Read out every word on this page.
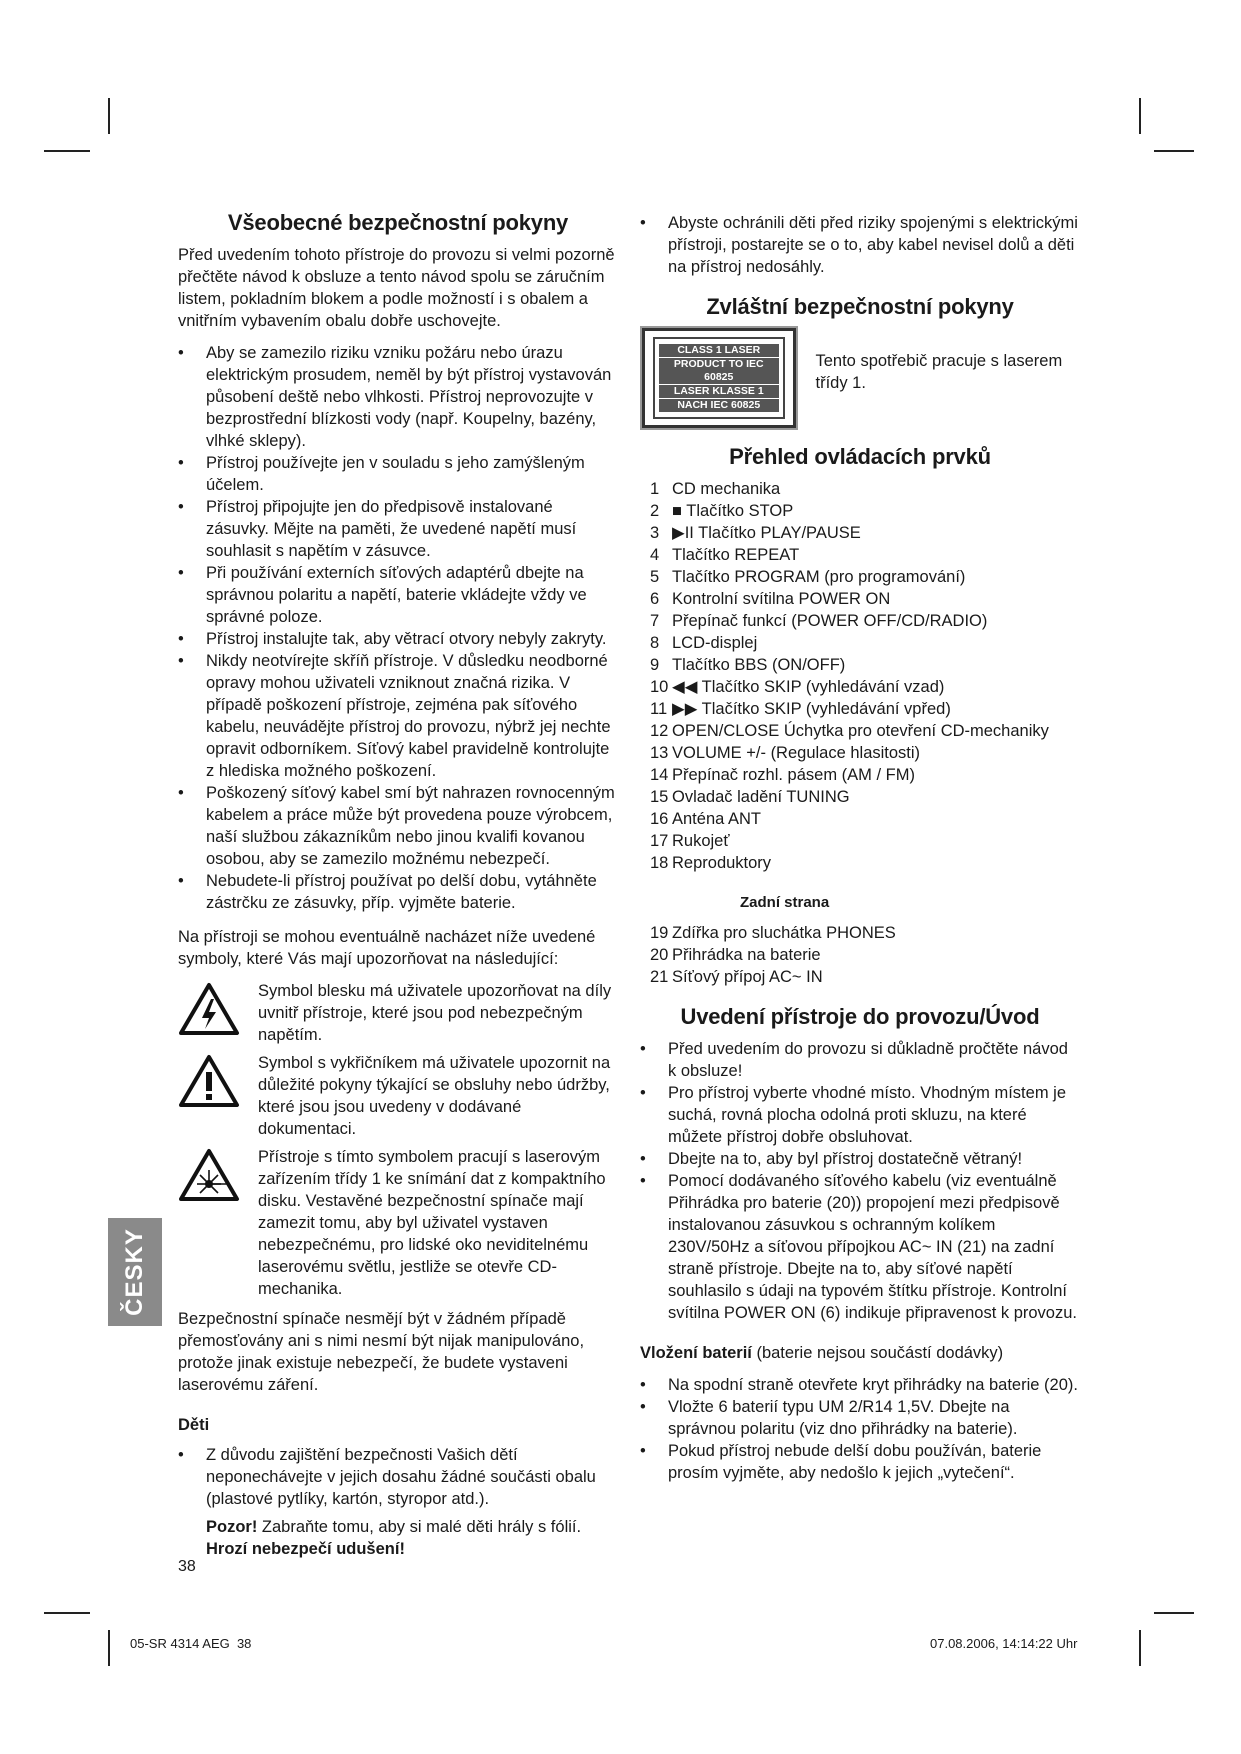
Všeobecné bezpečnostní pokyny

Před uvedením tohoto přístroje do provozu si velmi pozorně přečtěte návod k obsluze a tento návod spolu se záručním listem, pokladním blokem a podle možností i s obalem a vnitřním vybavením obalu dobře uschovejte.

• Aby se zamezilo riziku vzniku požáru nebo úrazu elektrickým prosudem, neměl by být přístroj vystavován působení deště nebo vlhkosti. Přístroj neprovozujte v bezprostřední blízkosti vody (např. Koupelny, bazény, vlhké sklepy).
• Přístroj používejte jen v souladu s jeho zamýšleným účelem.
• Přístroj připojujte jen do předpisově instalované zásuvky. Mějte na paměti, že uvedené napětí musí souhlasit s napětím v zásuvce.
• Při používání externích síťových adaptérů dbejte na správnou polaritu a napětí, baterie vkládejte vždy ve správné poloze.
• Přístroj instalujte tak, aby větrací otvory nebyly zakryty.
• Nikdy neotvírejte skříň přístroje. V důsledku neodborné opravy mohou uživateli vzniknout značná rizika. V případě poškození přístroje, zejména pak síťového kabelu, neuvádějte přístroj do provozu, nýbrž jej nechte opravit odborníkem. Síťový kabel pravidelně kontrolujte z hlediska možného poškození.
• Poškozený síťový kabel smí být nahrazen rovnocenným kabelem a práce může být provedena pouze výrobcem, naší službou zákazníkům nebo jinou kvalifi kovanou osobou, aby se zamezilo možnému nebezpečí.
• Nebudete-li přístroj používat po delší dobu, vytáhněte zástrčku ze zásuvky, příp. vyjměte baterie.

Na přístroji se mohou eventuálně nacházet níže uvedené symboly, které Vás mají upozorňovat na následující:

Symbol blesku má uživatele upozorňovat na díly uvnitř přístroje, které jsou pod nebezpečným napětím.
Symbol s vykřičníkem má uživatele upozornit na důležité pokyny týkající se obsluhy nebo údržby, které jsou jsou uvedeny v dodávané dokumentaci.
Přístroje s tímto symbolem pracují s laserovým zařízením třídy 1 ke snímání dat z kompaktního disku. Vestavěné bezpečnostní spínače mají zamezit tomu, aby byl uživatel vystaven nebezpečnému, pro lidské oko neviditelnému laserovému světlu, jestliže se otevře CD-mechanika.

Bezpečnostní spínače nesmějí být v žádném případě přemosťovány ani s nimi nesmí být nijak manipulováno, protože jinak existuje nebezpečí, že budete vystaveni laserovému záření.

Děti
• Z důvodu zajištění bezpečnosti Vašich dětí neponechávejte v jejich dosahu žádné součásti obalu (plastové pytlíky, kartón, styropor atd.).

Pozor! Zabraňte tomu, aby si malé děti hrály s fólií. Hrozí nebezpečí udušení!

• Abyste ochránili děti před riziky spojenými s elektrickými přístroji, postarejte se o to, aby kabel nevisel dolů a děti na přístroj nedosáhly.
Zvláštní bezpečnostní pokyny
CLASS 1 LASER
PRODUCT TO IEC 60825
LASER KLASSE 1
NACH IEC 60825
Tento spotřebič pracuje s laserem třídy 1.
Přehled ovládacích prvků
1 CD mechanika
2 ■ Tlačítko STOP
3 ▶II Tlačítko PLAY/PAUSE
4 Tlačítko REPEAT
5 Tlačítko PROGRAM (pro programování)
6 Kontrolní svítilna POWER ON
7 Přepínač funkcí (POWER OFF/CD/RADIO)
8 LCD-displej
9 Tlačítko BBS (ON/OFF)
10 ◀◀ Tlačítko SKIP (vyhledávání vzad)
11 ▶▶ Tlačítko SKIP (vyhledávání vpřed)
12 OPEN/CLOSE Úchytka pro otevření CD-mechaniky
13 VOLUME +/- (Regulace hlasitosti)
14 Přepínač rozhl. pásem (AM / FM)
15 Ovladač ladění TUNING
16 Anténa ANT
17 Rukojeť
18 Reproduktory
Zadní strana
19 Zdířka pro sluchátka PHONES
20 Přihrádka na baterie
21 Síťový přípoj AC~ IN
Uvedení přístroje do provozu/Úvod
• Před uvedením do provozu si důkladně pročtěte návod k obsluze!
• Pro přístroj vyberte vhodné místo. Vhodným místem je suchá, rovná plocha odolná proti skluzu, na které můžete přístroj dobře obsluhovat.
• Dbejte na to, aby byl přístroj dostatečně větraný!
• Pomocí dodávaného síťového kabelu (viz eventuálně Přihrádka pro baterie (20)) propojení mezi předpisově instalovanou zásuvkou s ochranným kolíkem 230V/50Hz a síťovou přípojkou AC~ IN (21) na zadní straně přístroje. Dbejte na to, aby síťové napětí souhlasilo s údaji na typovém štítku přístroje. Kontrolní svítilna POWER ON (6) indikuje připravenost k provozu.

Vložení baterií (baterie nejsou součástí dodávky)

• Na spodní straně otevřete kryt přihrádky na baterie (20).
• Vložte 6 baterií typu UM 2/R14 1,5V. Dbejte na správnou polaritu (viz dno přihrádky na baterie).
• Pokud přístroj nebude delší dobu používán, baterie prosím vyjměte, aby nedošlo k jejich „vytečení“.
ČESKY
38
05-SR 4314 AEG  38	07.08.2006, 14:14:22 Uhr
